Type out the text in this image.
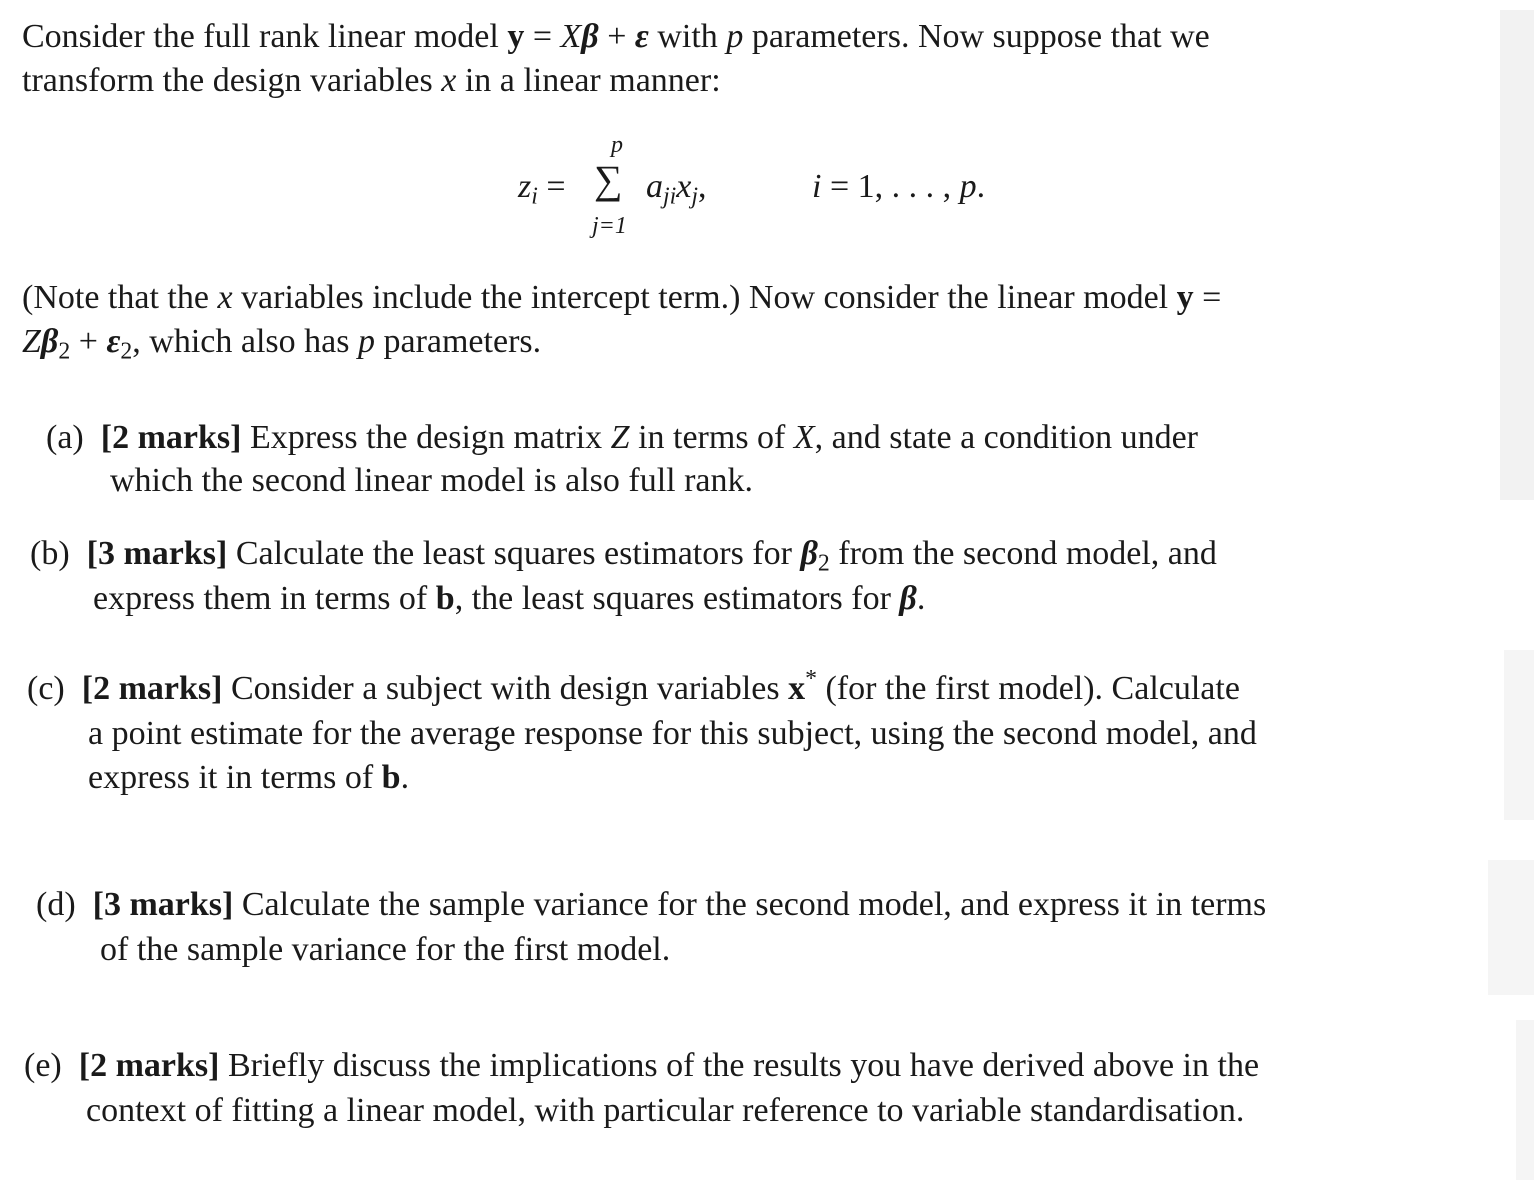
Consider the full rank linear model y = Xβ + ε with p parameters. Now suppose that we
transform the design variables x in a linear manner:
$z_i$ =
p
∑
j=1
$a_{ji}x_j$,	i = 1, . . . , p.
(Note that the x variables include the intercept term.) Now consider the linear model y =
$Z\beta_2 + \varepsilon_2$, which also has p parameters.
(a) [2 marks] Express the design matrix Z in terms of X, and state a condition under
which the second linear model is also full rank.
(b) [3 marks] Calculate the least squares estimators for $\beta_2$ from the second model, and
express them in terms of b, the least squares estimators for β.
(c) [2 marks] Consider a subject with design variables x* (for the first model). Calculate
a point estimate for the average response for this subject, using the second model, and
express it in terms of b.
(d) [3 marks] Calculate the sample variance for the second model, and express it in terms
of the sample variance for the first model.
(e) [2 marks] Briefly discuss the implications of the results you have derived above in the
context of fitting a linear model, with particular reference to variable standardisation.
